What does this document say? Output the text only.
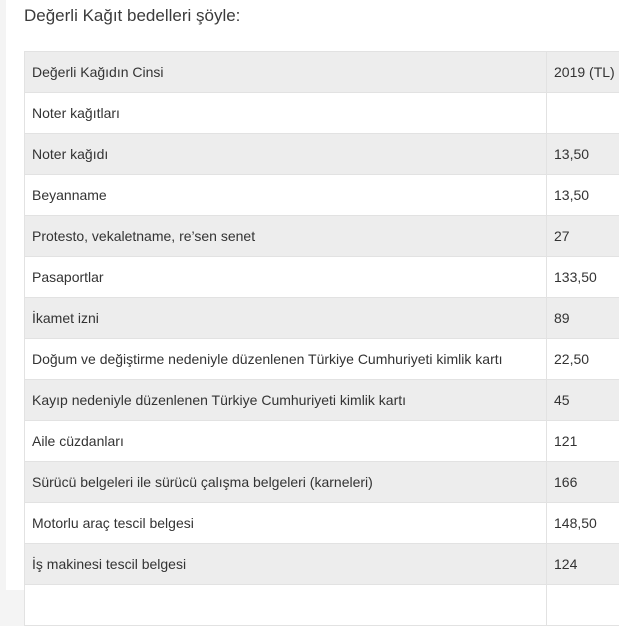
Değerli Kağıt bedelleri şöyle:
Değerli Kağıdın Cinsi	2019 (TL)
Noter kağıtları	
Noter kağıdı	13,50
Beyanname	13,50
Protesto, vekaletname, re’sen senet	27
Pasaportlar	133,50
İkamet izni	89
Doğum ve değiştirme nedeniyle düzenlenen Türkiye Cumhuriyeti kimlik kartı	22,50
Kayıp nedeniyle düzenlenen Türkiye Cumhuriyeti kimlik kartı	45
Aile cüzdanları	121
Sürücü belgeleri ile sürücü çalışma belgeleri (karneleri)	166
Motorlu araç tescil belgesi	148,50
İş makinesi tescil belgesi	124
